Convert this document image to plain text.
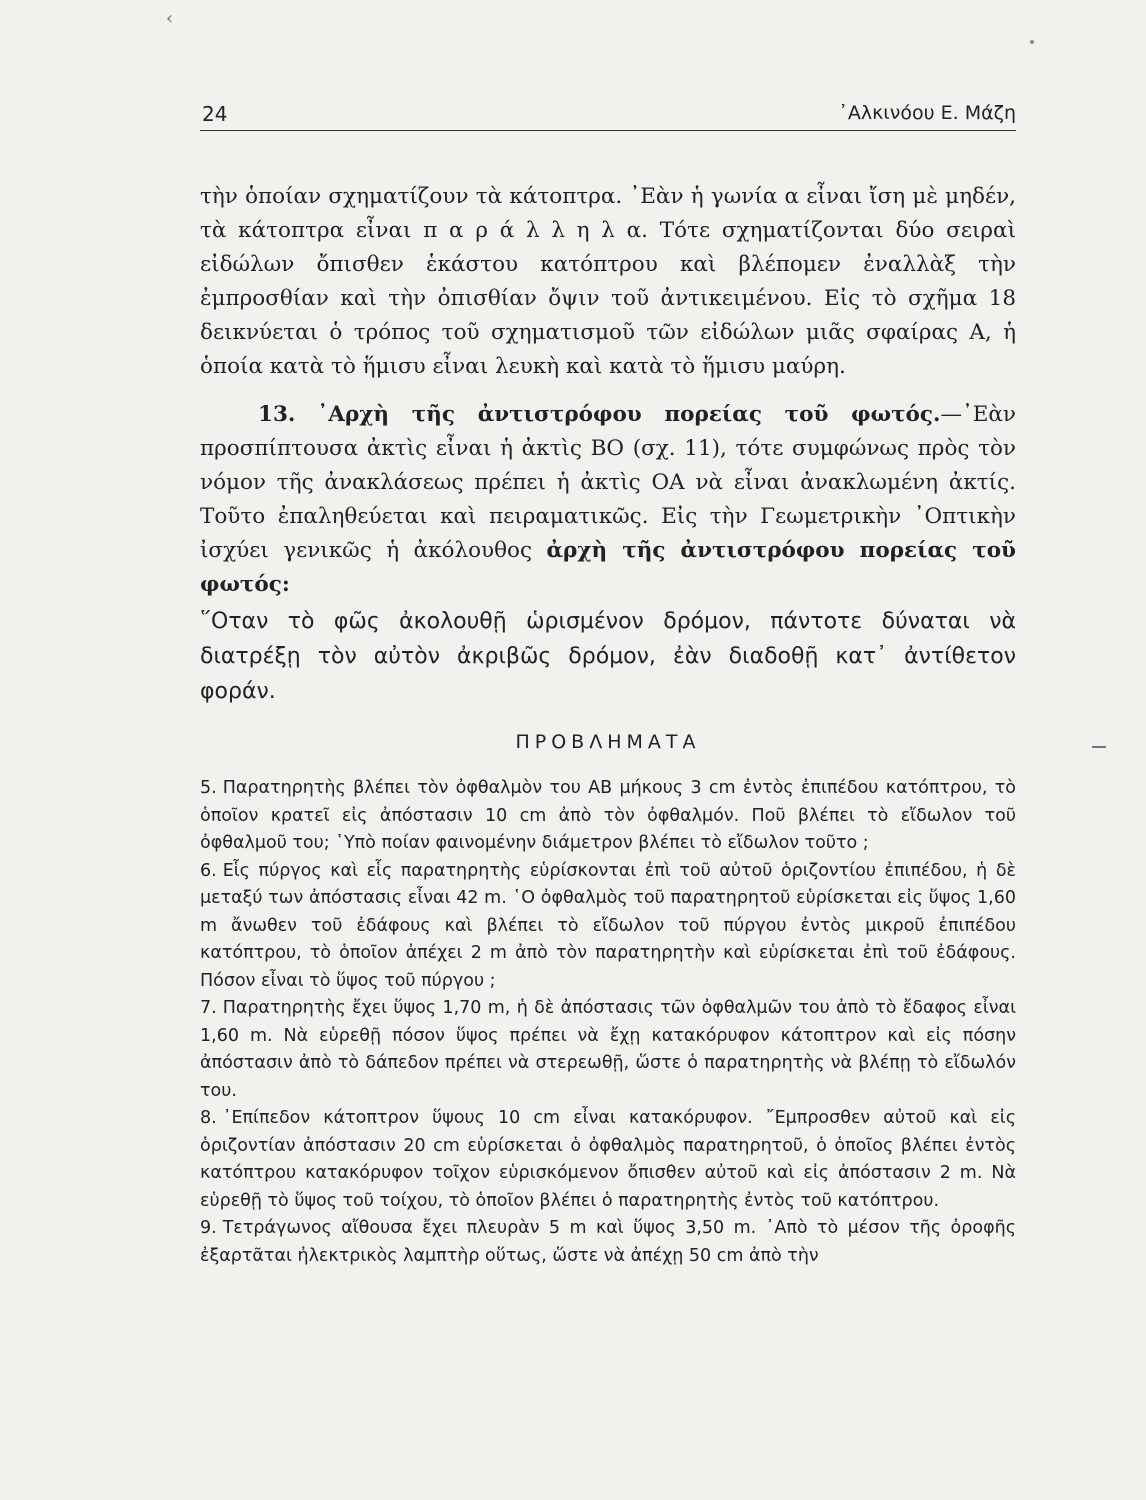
‹
24	᾿Αλκινόου Ε. Μάζη

τὴν ὁποίαν σχηματίζουν τὰ κάτοπτρα. ᾿Εὰν ἡ γωνία α εἶναι ἴση μὲ μηδέν, τὰ κάτοπτρα εἶναι π α ρ ά λ λ η λ α. Τότε σχηματίζονται δύο σειραὶ εἰδώλων ὄπισθεν ἑκάστου κατόπτρου καὶ βλέπομεν ἐναλλὰξ τὴν ἐμπροσθίαν καὶ τὴν ὀπισθίαν ὄψιν τοῦ ἀντικειμένου. Εἰς τὸ σχῆμα 18 δεικνύεται ὁ τρόπος τοῦ σχηματισμοῦ τῶν εἰδώλων μιᾶς σφαίρας Α, ἡ ὁποία κατὰ τὸ ἥμισυ εἶναι λευκὴ καὶ κατὰ τὸ ἥμισυ μαύρη.

13. ᾿Αρχὴ τῆς ἀντιστρόφου πορείας τοῦ φωτός.—᾿Εὰν προσπίπτουσα ἀκτὶς εἶναι ἡ ἀκτὶς ΒΟ (σχ. 11), τότε συμφώνως πρὸς τὸν νόμον τῆς ἀνακλάσεως πρέπει ἡ ἀκτὶς ΟΑ νὰ εἶναι ἀνακλωμένη ἀκτίς. Τοῦτο ἐπαληθεύεται καὶ πειραματικῶς. Εἰς τὴν Γεωμετρικὴν ᾿Οπτικὴν ἰσχύει γενικῶς ἡ ἀκόλουθος ἀρχὴ τῆς ἀντιστρόφου πορείας τοῦ φωτός:

῞Οταν τὸ φῶς ἀκολουθῇ ὡρισμένον δρόμον, πάντοτε δύναται νὰ διατρέξῃ τὸν αὐτὸν ἀκριβῶς δρόμον, ἐὰν διαδοθῇ κατ᾿ ἀντίθετον φοράν.

ΠΡΟΒΛΗΜΑΤΑ

5. Παρατηρητὴς βλέπει τὸν ὀφθαλμὸν του ΑΒ μήκους 3 cm ἐντὸς ἐπιπέδου κατόπτρου, τὸ ὁποῖον κρατεῖ εἰς ἀπόστασιν 10 cm ἀπὸ τὸν ὀφθαλμόν. Ποῦ βλέπει τὸ εἴδωλον τοῦ ὀφθαλμοῦ του; ῾Υπὸ ποίαν φαινομένην διάμετρον βλέπει τὸ εἴδωλον τοῦτο ;

6. Εἷς πύργος καὶ εἷς παρατηρητὴς εὑρίσκονται ἐπὶ τοῦ αὐτοῦ ὁριζοντίου ἐπιπέδου, ἡ δὲ μεταξύ των ἀπόστασις εἶναι 42 m. ῾Ο ὀφθαλμὸς τοῦ παρατηρητοῦ εὑρίσκεται εἰς ὕψος 1,60 m ἄνωθεν τοῦ ἐδάφους καὶ βλέπει τὸ εἴδωλον τοῦ πύργου ἐντὸς μικροῦ ἐπιπέδου κατόπτρου, τὸ ὁποῖον ἀπέχει 2 m ἀπὸ τὸν παρατηρητὴν καὶ εὑρίσκεται ἐπὶ τοῦ ἐδάφους. Πόσον εἶναι τὸ ὕψος τοῦ πύργου ;

7. Παρατηρητὴς ἔχει ὕψος 1,70 m, ἡ δὲ ἀπόστασις τῶν ὀφθαλμῶν του ἀπὸ τὸ ἔδαφος εἶναι 1,60 m. Νὰ εὑρεθῇ πόσον ὕψος πρέπει νὰ ἔχῃ κατακόρυφον κάτοπτρον καὶ εἰς πόσην ἀπόστασιν ἀπὸ τὸ δάπεδον πρέπει νὰ στερεωθῇ, ὥστε ὁ παρατηρητὴς νὰ βλέπῃ τὸ εἴδωλόν του.

8. ᾿Επίπεδον κάτοπτρον ὕψους 10 cm εἶναι κατακόρυφον. ῎Εμπροσθεν αὐτοῦ καὶ εἰς ὁριζοντίαν ἀπόστασιν 20 cm εὑρίσκεται ὁ ὀφθαλμὸς παρατηρητοῦ, ὁ ὁποῖος βλέπει ἐντὸς κατόπτρου κατακόρυφον τοῖχον εὑρισκόμενον ὄπισθεν αὐτοῦ καὶ εἰς ἀπόστασιν 2 m. Νὰ εὑρεθῇ τὸ ὕψος τοῦ τοίχου, τὸ ὁποῖον βλέπει ὁ παρατηρητὴς ἐντὸς τοῦ κατόπτρου.

9. Τετράγωνος αἴθουσα ἔχει πλευρὰν 5 m καὶ ὕψος 3,50 m. ᾿Απὸ τὸ μέσον τῆς ὀροφῆς ἐξαρτᾶται ἠλεκτρικὸς λαμπτὴρ οὕτως, ὥστε νὰ ἀπέχῃ 50 cm ἀπὸ τὴν
